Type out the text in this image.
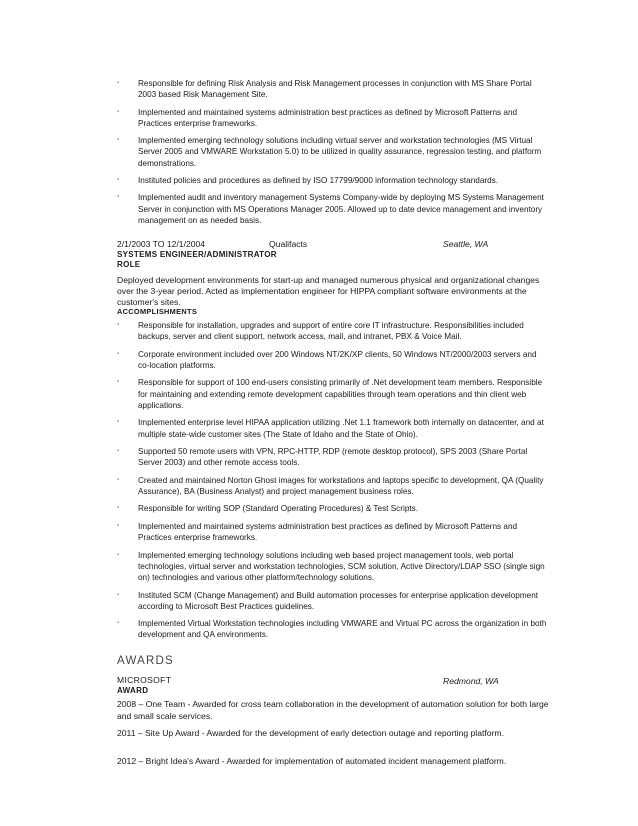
▪ Responsible for defining Risk Analysis and Risk Management processes in conjunction with MS Share Portal 2003 based Risk Management Site.
▪ Implemented and maintained systems administration best practices as defined by Microsoft Patterns and Practices enterprise frameworks.
▪ Implemented emerging technology solutions including virtual server and workstation technologies (MS Virtual Server 2005 and VMWARE Workstation 5.0) to be utilized in quality assurance, regression testing, and platform demonstrations.
▪ Instituted policies and procedures as defined by ISO 17799/9000 information technology standards.
▪ Implemented audit and inventory management Systems Company-wide by deploying MS Systems Management Server in conjunction with MS Operations Manager 2005. Allowed up to date device management and inventory management on as needed basis.
2/1/2003 TO 12/1/2004	Qualifacts	Seattle, WA
SYSTEMS ENGINEER/ADMINISTRATOR
ROLE
Deployed development environments for start-up and managed numerous physical and organizational changes over the 3-year period. Acted as implementation engineer for HIPPA compliant software environments at the customer's sites.
ACCOMPLISHMENTS
▪ Responsible for installation, upgrades and support of entire core IT infrastructure. Responsibilities included backups, server and client support, network access, mail, and intranet, PBX & Voice Mail.
▪ Corporate environment included over 200 Windows NT/2K/XP clients, 50 Windows NT/2000/2003 servers and co-location platforms.
▪ Responsible for support of 100 end-users consisting primarily of .Net development team members. Responsible for maintaining and extending remote development capabilities through team operations and thin client web applications.
▪ Implemented enterprise level HIPAA application utilizing .Net 1.1 framework both internally on datacenter, and at multiple state-wide customer sites (The State of Idaho and the State of Ohio).
▪ Supported 50 remote users with VPN, RPC-HTTP, RDP (remote desktop protocol), SPS 2003 (Share Portal Server 2003) and other remote access tools.
▪ Created and maintained Norton Ghost images for workstations and laptops specific to development, QA (Quality Assurance), BA (Business Analyst) and project management business roles.
▪ Responsible for writing SOP (Standard Operating Procedures) & Test Scripts.
▪ Implemented and maintained systems administration best practices as defined by Microsoft Patterns and Practices enterprise frameworks.
▪ Implemented emerging technology solutions including web based project management tools, web portal technologies, virtual server and workstation technologies, SCM solution, Active Directory/LDAP SSO (single sign on) technologies and various other platform/technology solutions.
▪ Instituted SCM (Change Management) and Build automation processes for enterprise application development according to Microsoft Best Practices guidelines.
▪ Implemented Virtual Workstation technologies including VMWARE and Virtual PC across the organization in both development and QA environments.
AWARDS
MICROSOFT	Redmond, WA
AWARD
2008 – One Team - Awarded for cross team collaboration in the development of automation solution for both large and small scale services.
2011 – Site Up Award - Awarded for the development of early detection outage and reporting platform.
2012 – Bright Idea's Award - Awarded for implementation of automated incident management platform.
